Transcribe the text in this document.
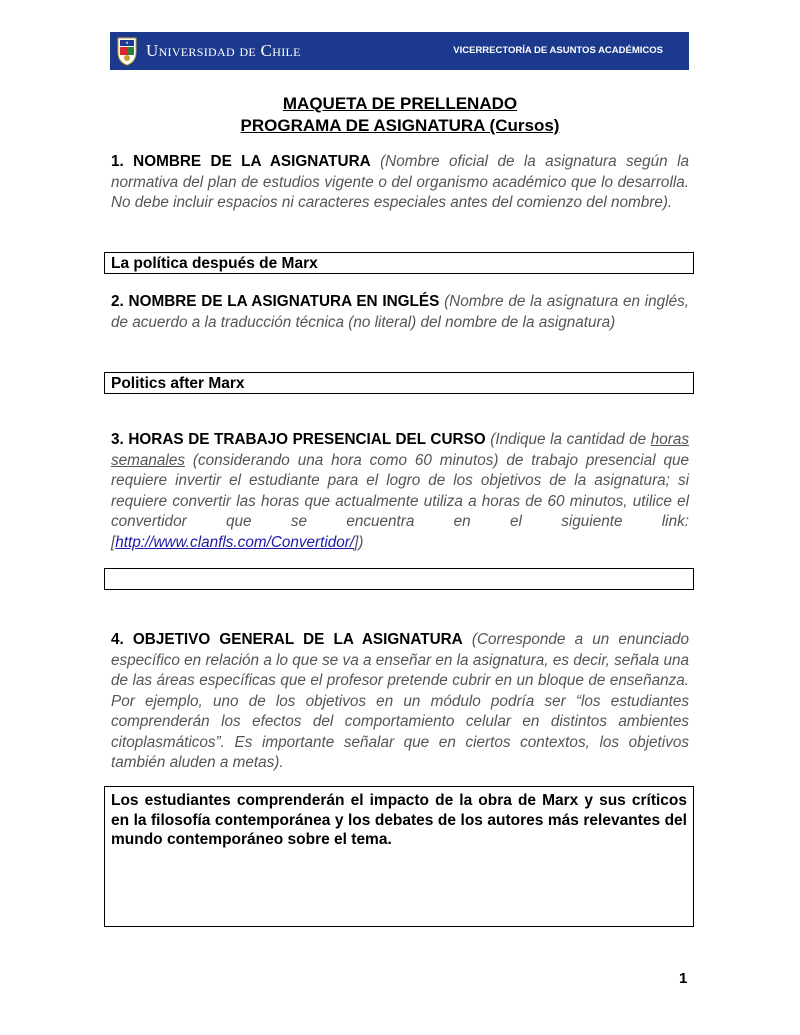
Universidad de Chile	VICERRECTORÍA DE ASUNTOS ACADÉMICOS
MAQUETA DE PRELLENADO
PROGRAMA DE ASIGNATURA (Cursos)
1. NOMBRE DE LA ASIGNATURA (Nombre oficial de la asignatura según la normativa del plan de estudios vigente o del organismo académico que lo desarrolla. No debe incluir espacios ni caracteres especiales antes del comienzo del nombre).
La política después de Marx
2. NOMBRE DE LA ASIGNATURA EN INGLÉS (Nombre de la asignatura en inglés, de acuerdo a la traducción técnica (no literal) del nombre de la asignatura)
Politics after Marx
3. HORAS DE TRABAJO PRESENCIAL DEL CURSO (Indique la cantidad de horas semanales (considerando una hora como 60 minutos) de trabajo presencial que requiere invertir el estudiante para el logro de los objetivos de la asignatura; si requiere convertir las horas que actualmente utiliza a horas de 60 minutos, utilice el convertidor que se encuentra en el siguiente link: [http://www.clanfls.com/Convertidor/])
4. OBJETIVO GENERAL DE LA ASIGNATURA (Corresponde a un enunciado específico en relación a lo que se va a enseñar en la asignatura, es decir, señala una de las áreas específicas que el profesor pretende cubrir en un bloque de enseñanza. Por ejemplo, uno de los objetivos en un módulo podría ser “los estudiantes comprenderán los efectos del comportamiento celular en distintos ambientes citoplasmáticos”. Es importante señalar que en ciertos contextos, los objetivos también aluden a metas).
Los estudiantes comprenderán el impacto de la obra de Marx y sus críticos en la filosofía contemporánea y los debates de los autores más relevantes del mundo contemporáneo sobre el tema.
1
